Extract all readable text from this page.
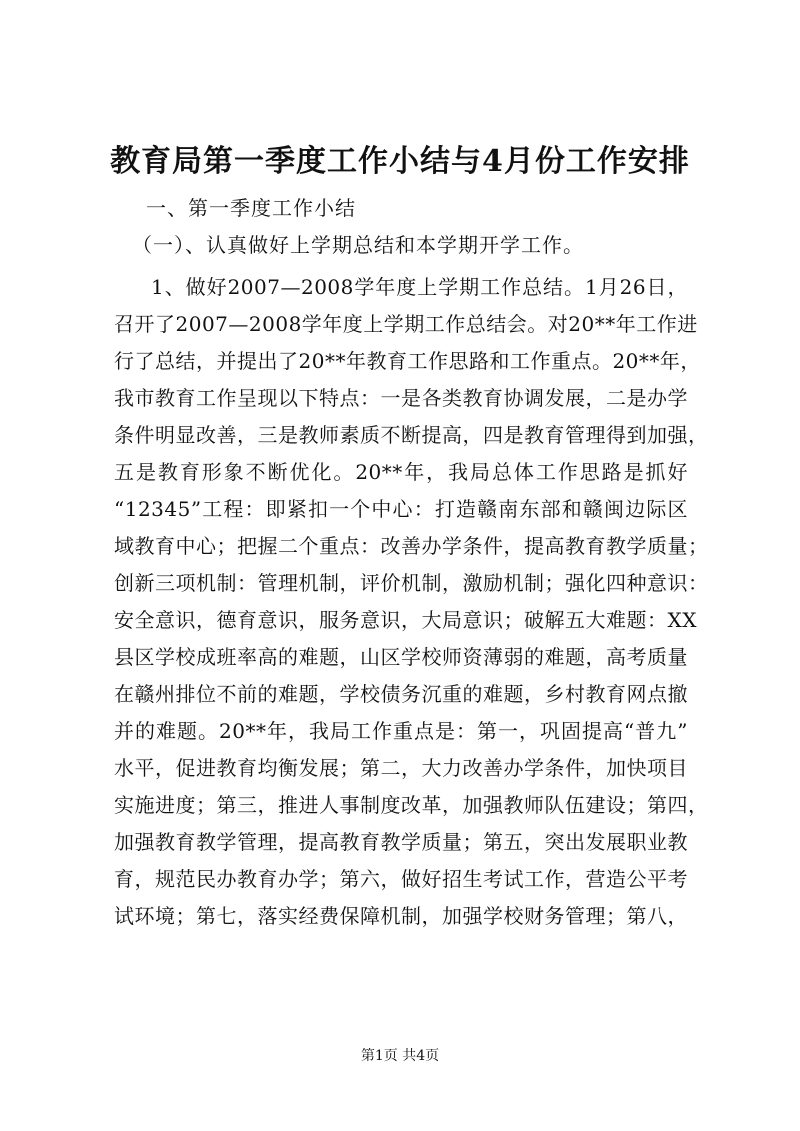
教育局第一季度工作小结与4月份工作安排

一、第一季度工作小结

（一）、认真做好上学期总结和本学期开学工作。

1、做好2007—2008学年度上学期工作总结。1月26日，
召开了2007—2008学年度上学期工作总结会。对20**年工作进
行了总结，并提出了20**年教育工作思路和工作重点。20**年，
我市教育工作呈现以下特点：一是各类教育协调发展，二是办学
条件明显改善，三是教师素质不断提高，四是教育管理得到加强，
五是教育形象不断优化。20**年，我局总体工作思路是抓好
“12345”工程：即紧扣一个中心：打造赣南东部和赣闽边际区
域教育中心；把握二个重点：改善办学条件，提高教育教学质量；
创新三项机制：管理机制，评价机制，激励机制；强化四种意识：
安全意识，德育意识，服务意识，大局意识；破解五大难题：XX
县区学校成班率高的难题，山区学校师资薄弱的难题，高考质量
在赣州排位不前的难题，学校债务沉重的难题，乡村教育网点撤
并的难题。20**年，我局工作重点是：第一，巩固提高“普九”
水平，促进教育均衡发展；第二，大力改善办学条件，加快项目
实施进度；第三，推进人事制度改革，加强教师队伍建设；第四，
加强教育教学管理，提高教育教学质量；第五，突出发展职业教
育，规范民办教育办学；第六，做好招生考试工作，营造公平考
试环境；第七，落实经费保障机制，加强学校财务管理；第八，
第1页 共4页
